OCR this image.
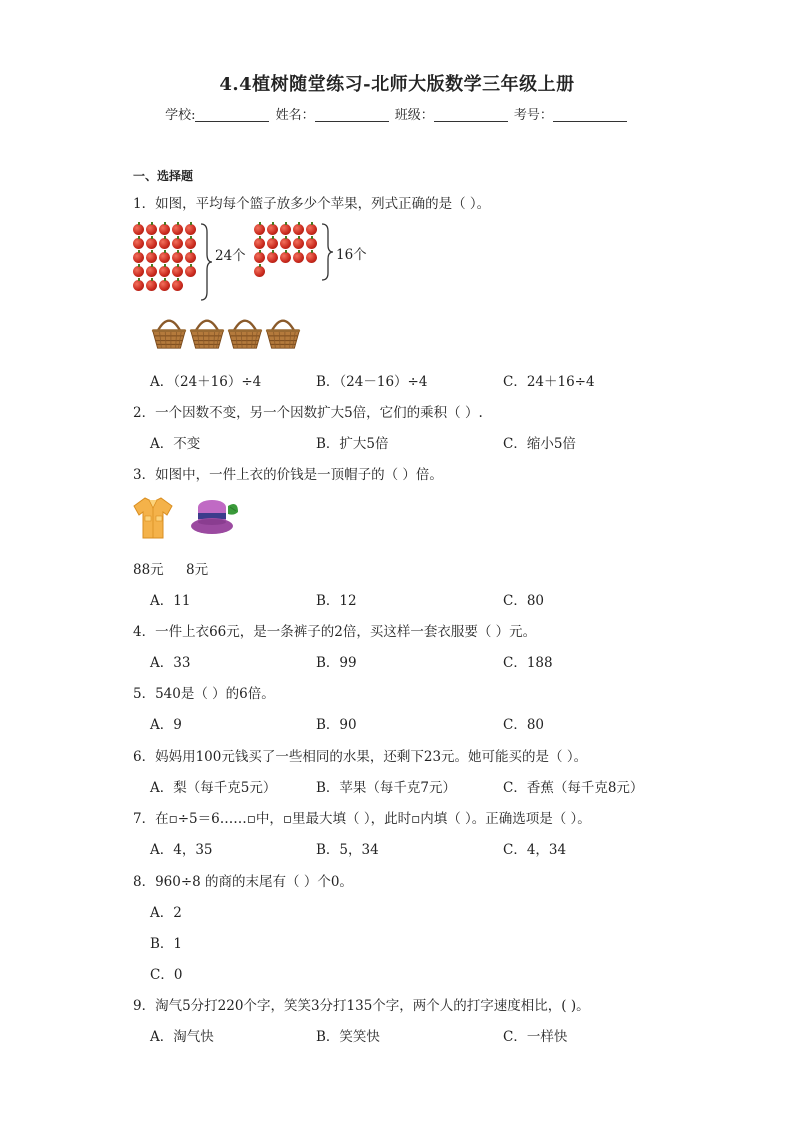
4.4植树随堂练习-北师大版数学三年级上册
学校:	姓名：	班级：	考号：
一、选择题
1．如图，平均每个篮子放多少个苹果，列式正确的是（ ）。
24个	16个
A．（24＋16）÷4	B．（24－16）÷4	C．24＋16÷4
2．一个因数不变，另一个因数扩大5倍，它们的乘积（ ）.
A．不变	B．扩大5倍	C．缩小5倍
3．如图中，一件上衣的价钱是一顶帽子的（ ）倍。
88元 8元
A．11	B．12	C．80
4．一件上衣66元，是一条裤子的2倍，买这样一套衣服要（ ）元。
A．33	B．99	C．188
5．540是（ ）的6倍。
A．9	B．90	C．80
6．妈妈用100元钱买了一些相同的水果，还剩下23元。她可能买的是（ ）。
A．梨（每千克5元）	B．苹果（每千克7元）	C．香蕉（每千克8元）
7．在▫÷5＝6……▫中，▫里最大填（ ），此时▫内填（ ）。正确选项是（ ）。
A．4，35	B．5，34	C．4，34
8．960÷8 的商的末尾有（ ）个0。
A．2
B．1
C．0
9．淘气5分打220个字，笑笑3分打135个字，两个人的打字速度相比，( )。
A．淘气快	B．笑笑快	C．一样快
